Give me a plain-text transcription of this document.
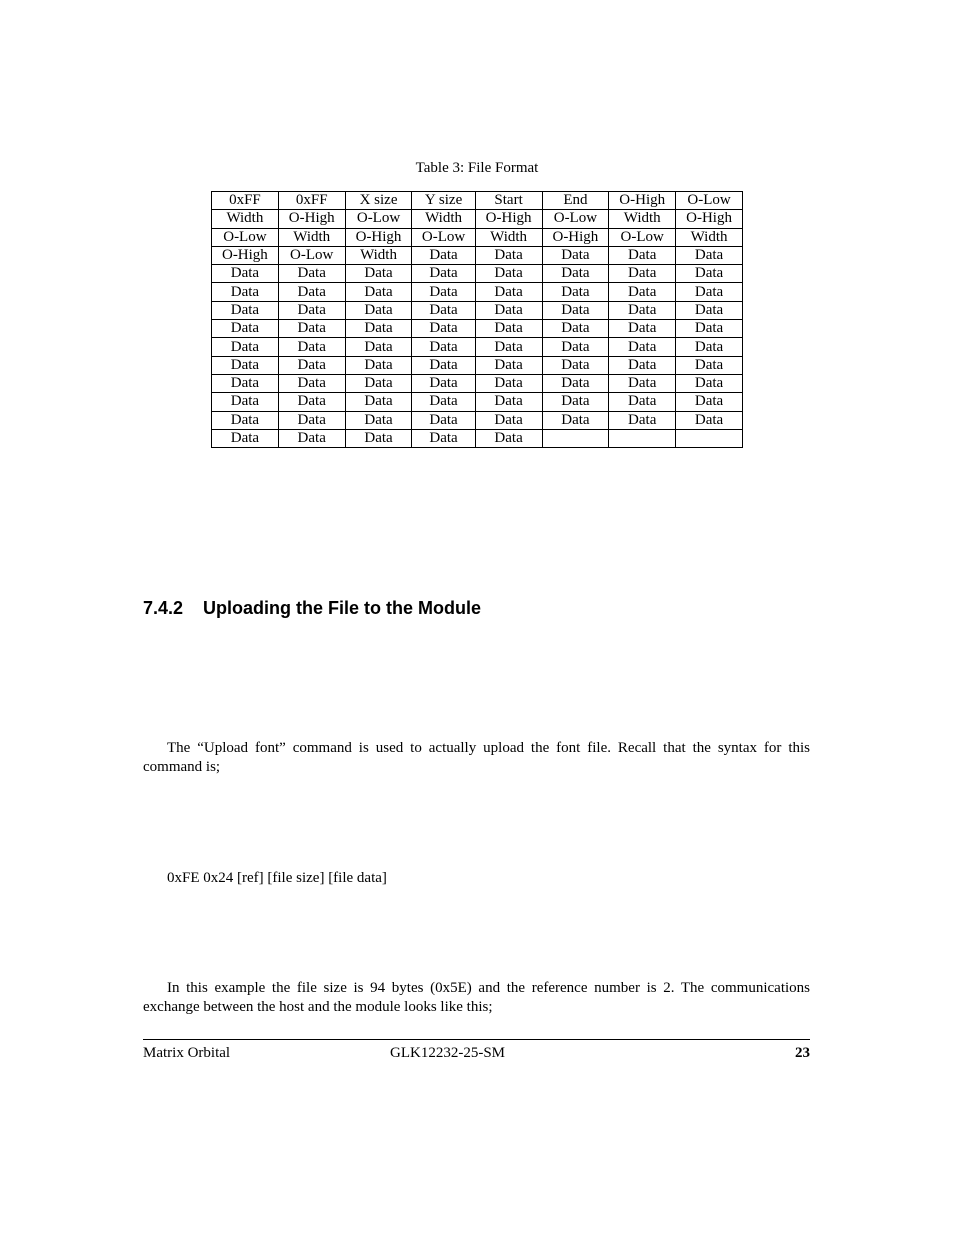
Table 3: File Format
0xFF	0xFF	X size	Y size	Start	End	O-High	O-Low
Width	O-High	O-Low	Width	O-High	O-Low	Width	O-High
O-Low	Width	O-High	O-Low	Width	O-High	O-Low	Width
O-High	O-Low	Width	Data	Data	Data	Data	Data
Data	Data	Data	Data	Data	Data	Data	Data
Data	Data	Data	Data	Data	Data	Data	Data
Data	Data	Data	Data	Data	Data	Data	Data
Data	Data	Data	Data	Data	Data	Data	Data
Data	Data	Data	Data	Data	Data	Data	Data
Data	Data	Data	Data	Data	Data	Data	Data
Data	Data	Data	Data	Data	Data	Data	Data
Data	Data	Data	Data	Data	Data	Data	Data
Data	Data	Data	Data	Data	Data	Data	Data
Data	Data	Data	Data	Data			
7.4.2 Uploading the File to the Module
The “Upload font” command is used to actually upload the font file. Recall that the syntax for this command is;
0xFE 0x24 [ref] [file size] [file data]
In this example the file size is 94 bytes (0x5E) and the reference number is 2. The communications exchange between the host and the module looks like this;
Matrix Orbital	GLK12232-25-SM	23
